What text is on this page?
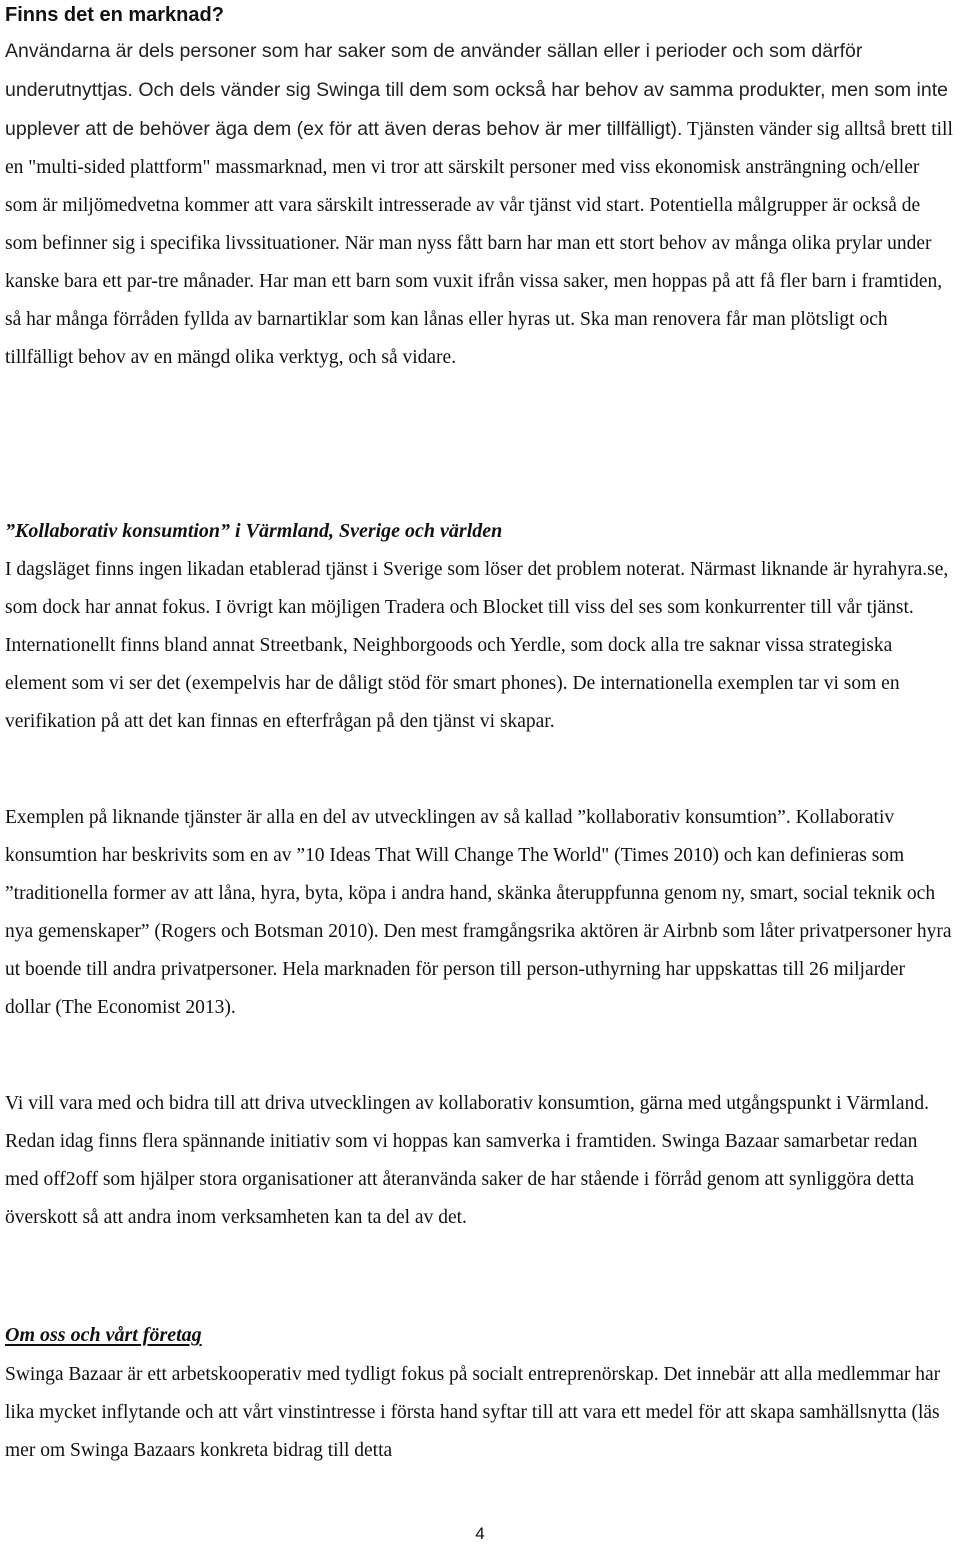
Finns det en marknad?

Användarna är dels personer som har saker som de använder sällan eller i perioder och som därför underutnyttjas. Och dels vänder sig Swinga till dem som också har behov av samma produkter, men som inte upplever att de behöver äga dem (ex för att även deras behov är mer tillfälligt). Tjänsten vänder sig alltså brett till en "multi-sided plattform" massmarknad, men vi tror att särskilt personer med viss ekonomisk ansträngning och/eller som är miljömedvetna kommer att vara särskilt intresserade av vår tjänst vid start. Potentiella målgrupper är också de som befinner sig i specifika livssituationer. När man nyss fått barn har man ett stort behov av många olika prylar under kanske bara ett par-tre månader. Har man ett barn som vuxit ifrån vissa saker, men hoppas på att få fler barn i framtiden, så har många förråden fyllda av barnartiklar som kan lånas eller hyras ut. Ska man renovera får man plötsligt och tillfälligt behov av en mängd olika verktyg, och så vidare.

”Kollaborativ konsumtion” i Värmland, Sverige och världen

I dagsläget finns ingen likadan etablerad tjänst i Sverige som löser det problem noterat. Närmast liknande är hyrahyra.se, som dock har annat fokus. I övrigt kan möjligen Tradera och Blocket till viss del ses som konkurrenter till vår tjänst. Internationellt finns bland annat Streetbank, Neighborgoods och Yerdle, som dock alla tre saknar vissa strategiska element som vi ser det (exempelvis har de dåligt stöd för smart phones). De internationella exemplen tar vi som en verifikation på att det kan finnas en efterfrågan på den tjänst vi skapar.

Exemplen på liknande tjänster är alla en del av utvecklingen av så kallad ”kollaborativ konsumtion”. Kollaborativ konsumtion har beskrivits som en av ”10 Ideas That Will Change The World" (Times 2010) och kan definieras som ”traditionella former av att låna, hyra, byta, köpa i andra hand, skänka återuppfunna genom ny, smart, social teknik och nya gemenskaper” (Rogers och Botsman 2010). Den mest framgångsrika aktören är Airbnb som låter privatpersoner hyra ut boende till andra privatpersoner. Hela marknaden för person till person-uthyrning har uppskattas till 26 miljarder dollar (The Economist 2013).

Vi vill vara med och bidra till att driva utvecklingen av kollaborativ konsumtion, gärna med utgångspunkt i Värmland. Redan idag finns flera spännande initiativ som vi hoppas kan samverka i framtiden. Swinga Bazaar samarbetar redan med off2off som hjälper stora organisationer att återanvända saker de har stående i förråd genom att synliggöra detta överskott så att andra inom verksamheten kan ta del av det.

Om oss och vårt företag

Swinga Bazaar är ett arbetskooperativ med tydligt fokus på socialt entreprenörskap. Det innebär att alla medlemmar har lika mycket inflytande och att vårt vinstintresse i första hand syftar till att vara ett medel för att skapa samhällsnytta (läs mer om Swinga Bazaars konkreta bidrag till detta

4
